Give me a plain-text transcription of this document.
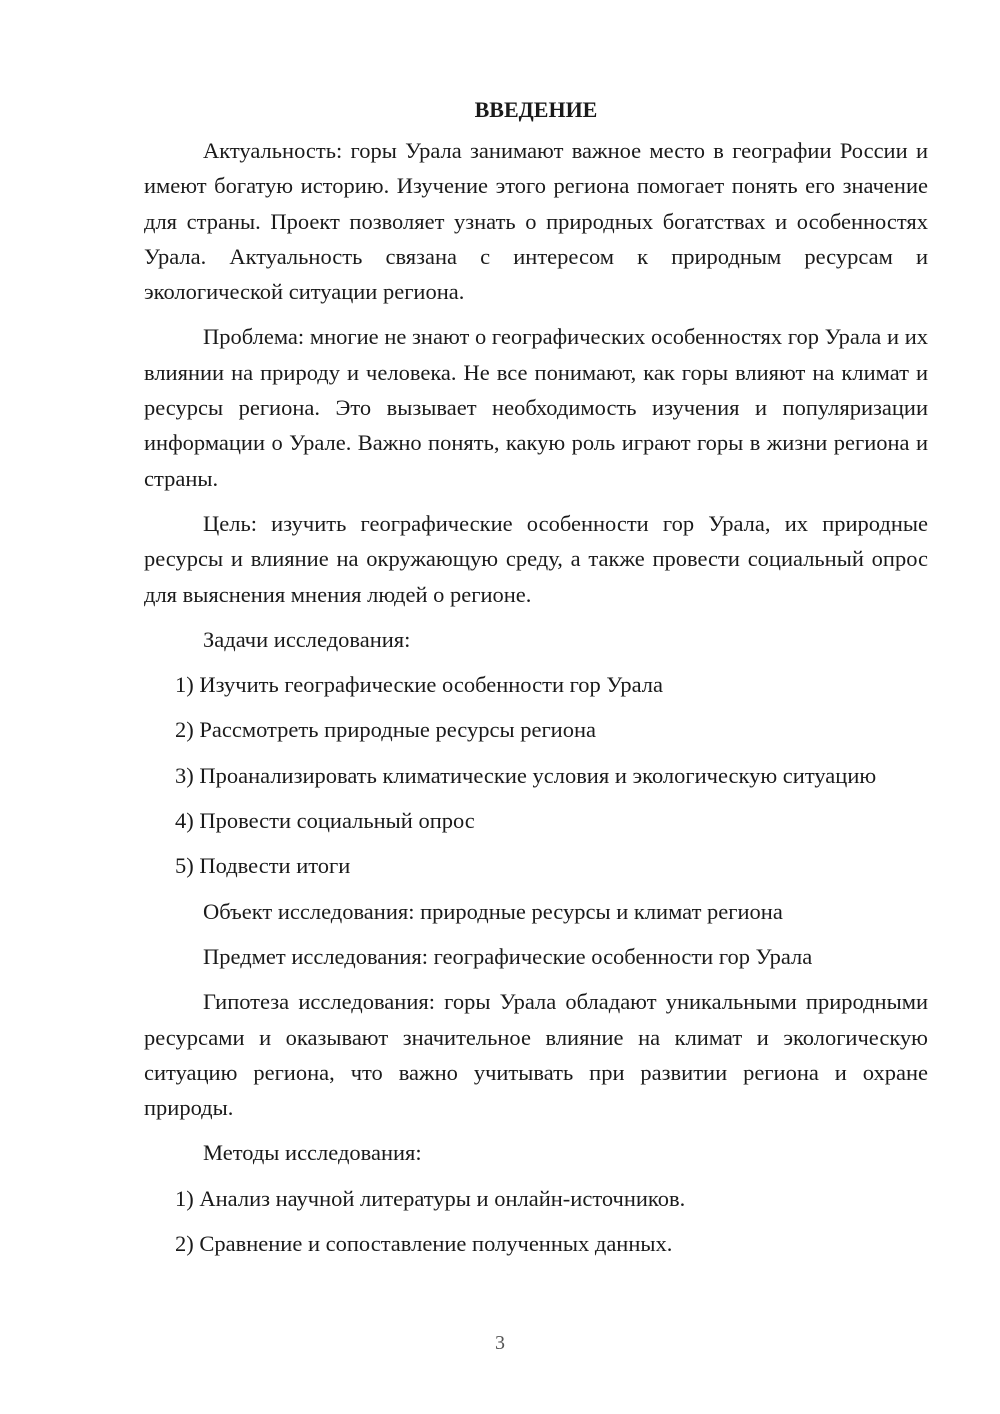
ВВЕДЕНИЕ

Актуальность: горы Урала занимают важное место в географии России и имеют богатую историю. Изучение этого региона помогает понять его значение для страны. Проект позволяет узнать о природных богатствах и особенностях Урала. Актуальность связана с интересом к природным ресурсам и экологической ситуации региона.

Проблема: многие не знают о географических особенностях гор Урала и их влиянии на природу и человека. Не все понимают, как горы влияют на климат и ресурсы региона. Это вызывает необходимость изучения и популяризации информации о Урале. Важно понять, какую роль играют горы в жизни региона и страны.

Цель: изучить географические особенности гор Урала, их природные ресурсы и влияние на окружающую среду, а также провести социальный опрос для выяснения мнения людей о регионе.

Задачи исследования:
1) Изучить географические особенности гор Урала
2) Рассмотреть природные ресурсы региона
3) Проанализировать климатические условия и экологическую ситуацию
4) Провести социальный опрос
5) Подвести итоги
Объект исследования: природные ресурсы и климат региона
Предмет исследования: географические особенности гор Урала

Гипотеза исследования: горы Урала обладают уникальными природными ресурсами и оказывают значительное влияние на климат и экологическую ситуацию региона, что важно учитывать при развитии региона и охране природы.

Методы исследования:
1) Анализ научной литературы и онлайн-источников.
2) Сравнение и сопоставление полученных данных.
3
